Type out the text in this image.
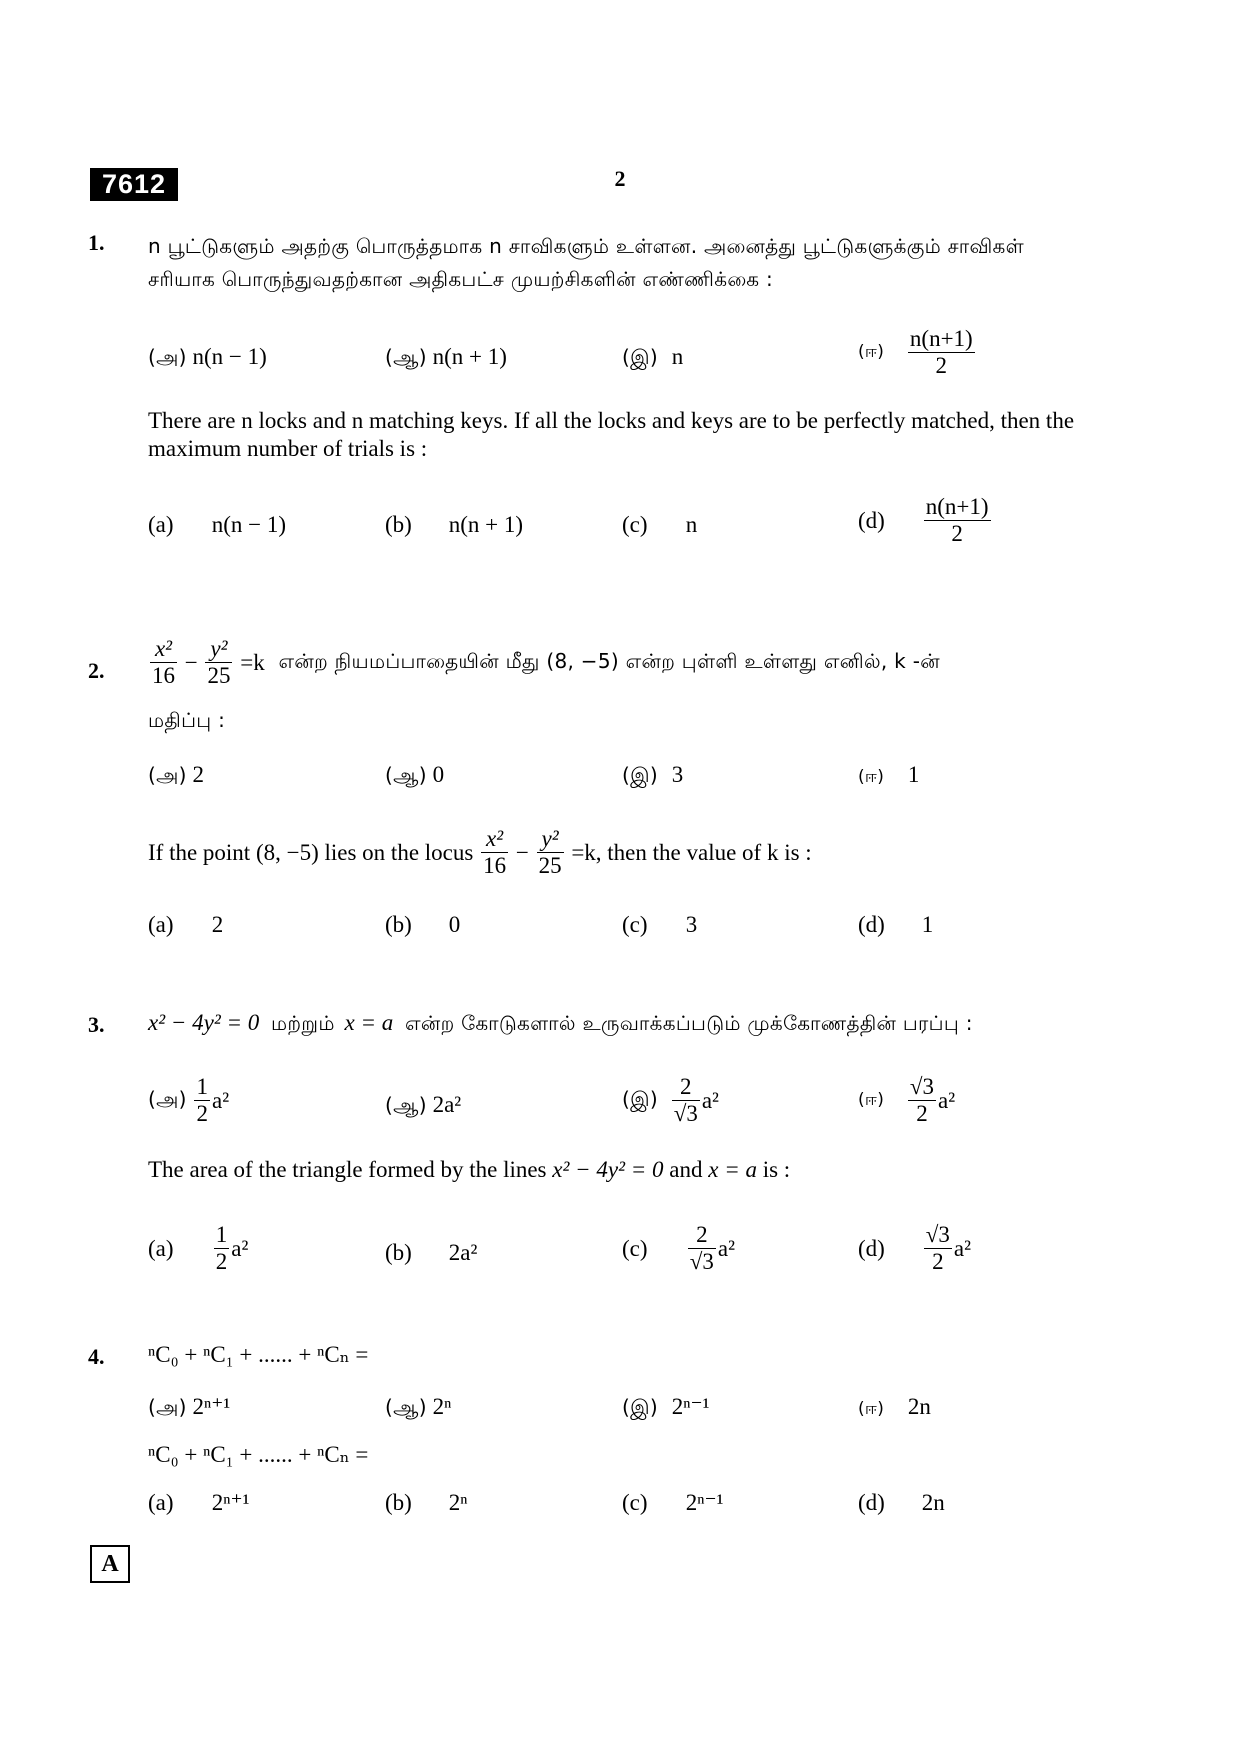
7612	2
1. n பூட்டுகளும் அதற்கு பொருத்தமாக n சாவிகளும் உள்ளன. அனைத்து பூட்டுகளுக்கும் சாவிகள் சரியாக பொருந்துவதற்கான அதிகபட்ச முயற்சிகளின் எண்ணிக்கை :
(அ) n(n − 1)	(ஆ) n(n + 1)	(இ) n	(ஈ) $\frac{n(n+1)}{2}$
There are n locks and n matching keys. If all the locks and keys are to be perfectly matched, then the maximum number of trials is :
(a) n(n − 1)	(b) n(n + 1)	(c) n	$(d) \frac{n(n+1)}{2}$
2. $\frac{\text{x²}}{16} - \frac{\text{y²}}{25} =k$ என்ற நியமப்பாதையின் மீது (8, −5) என்ற புள்ளி உள்ளது எனில், k -ன்
மதிப்பு :
(அ) 2	(ஆ) 0	(இ) 3	(ஈ) 1
If the point (8, −5) lies on the locus $\frac{\text{x²}}{16} - \frac{\text{y²}}{25} =k$, then the value of k is :
(a) 2	(b) 0	(c) 3	(d) 1
3. x² − 4y² = 0 மற்றும் x = a என்ற கோடுகளால் உருவாக்கப்படும் முக்கோணத்தின் பரப்பு :
(அ) $\frac{1}{2} a^2$	(ஆ) 2a²	(இ) $\frac{2}{√3} a^2$	(ஈ) $\frac{√3}{2} a^2$
The area of the triangle formed by the lines x² − 4y² = 0 and x = a is :
$(a) \frac{1}{2} a^2$	(b) 2a²	$(c) \frac{2}{√3} a^2$	$(d) \frac{√3}{2} a^2$
4. ⁿC₀ + ⁿC₁ + ...... + ⁿCₙ =
(அ) 2ⁿ⁺¹	(ஆ) 2ⁿ	(இ) 2ⁿ⁻¹	(ஈ) 2n
ⁿC₀ + ⁿC₁ + ...... + ⁿCₙ =
(a) 2ⁿ⁺¹	(b) 2ⁿ	(c) 2ⁿ⁻¹	(d) 2n
A
